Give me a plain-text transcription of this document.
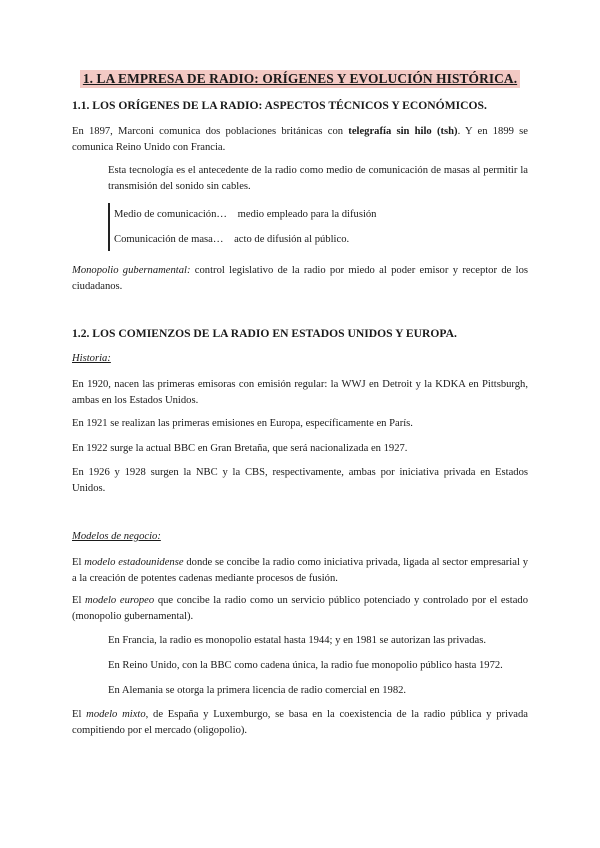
1. LA EMPRESA DE RADIO: ORÍGENES Y EVOLUCIÓN HISTÓRICA.
1.1. LOS ORÍGENES DE LA RADIO: ASPECTOS TÉCNICOS Y ECONÓMICOS.
En 1897, Marconi comunica dos poblaciones británicas con telegrafía sin hilo (tsh). Y en 1899 se comunica Reino Unido con Francia.
Esta tecnología es el antecedente de la radio como medio de comunicación de masas al permitir la transmisión del sonido sin cables.
Medio de comunicación… medio empleado para la difusión
Comunicación de masa… acto de difusión al público.
Monopolio gubernamental: control legislativo de la radio por miedo al poder emisor y receptor de los ciudadanos.
1.2. LOS COMIENZOS DE LA RADIO EN ESTADOS UNIDOS Y EUROPA.
Historia:
En 1920, nacen las primeras emisoras con emisión regular: la WWJ en Detroit y la KDKA en Pittsburgh, ambas en los Estados Unidos.
En 1921 se realizan las primeras emisiones en Europa, específicamente en París.
En 1922 surge la actual BBC en Gran Bretaña, que será nacionalizada en 1927.
En 1926 y 1928 surgen la NBC y la CBS, respectivamente, ambas por iniciativa privada en Estados Unidos.
Modelos de negocio:
El modelo estadounidense donde se concibe la radio como iniciativa privada, ligada al sector empresarial y a la creación de potentes cadenas mediante procesos de fusión.
El modelo europeo que concibe la radio como un servicio público potenciado y controlado por el estado (monopolio gubernamental).
En Francia, la radio es monopolio estatal hasta 1944; y en 1981 se autorizan las privadas.
En Reino Unido, con la BBC como cadena única, la radio fue monopolio público hasta 1972.
En Alemania se otorga la primera licencia de radio comercial en 1982.
El modelo mixto, de España y Luxemburgo, se basa en la coexistencia de la radio pública y privada compitiendo por el mercado (oligopolio).
